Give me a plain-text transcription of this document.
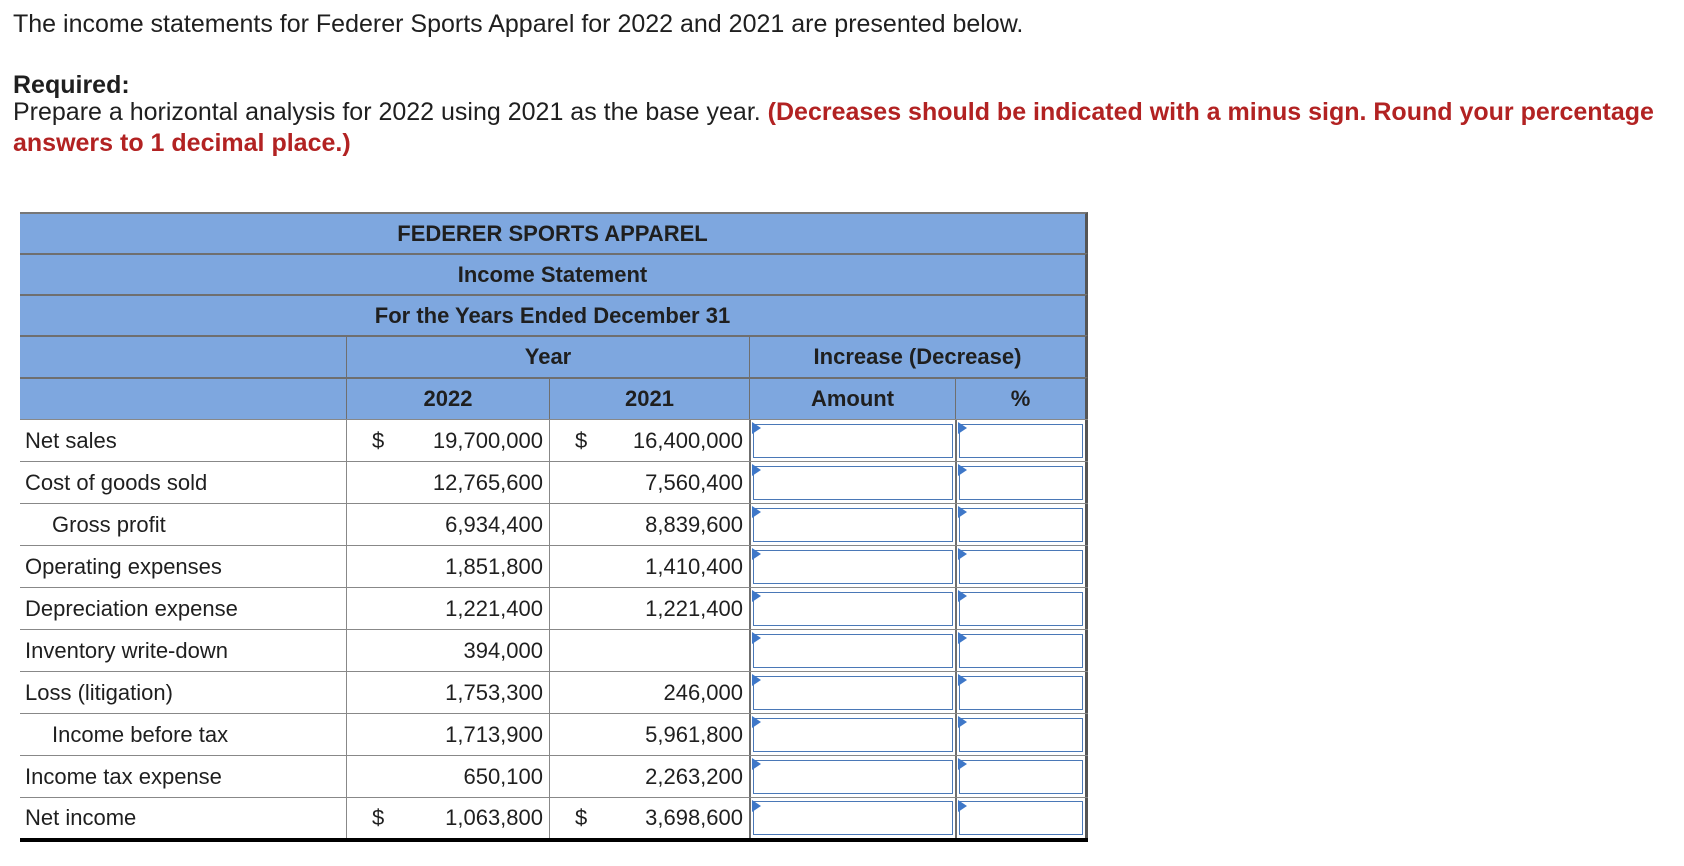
The income statements for Federer Sports Apparel for 2022 and 2021 are presented below.
Required:
Prepare a horizontal analysis for 2022 using 2021 as the base year. (Decreases should be indicated with a minus sign. Round your percentage answers to 1 decimal place.)
FEDERER SPORTS APPAREL
Income Statement
For the Years Ended December 31
Year	Increase (Decrease)
2022	2021	Amount	%
Net sales	$	19,700,000 $	16,400,000
Cost of goods sold	12,765,600	7,560,400
Gross profit	6,934,400	8,839,600
Operating expenses	1,851,800	1,410,400
Depreciation expense	1,221,400	1,221,400
Inventory write-down	394,000
Loss (litigation)	1,753,300	246,000
Income before tax	1,713,900	5,961,800
Income tax expense	650,100	2,263,200
Net income	$	1,063,800 $	3,698,600
